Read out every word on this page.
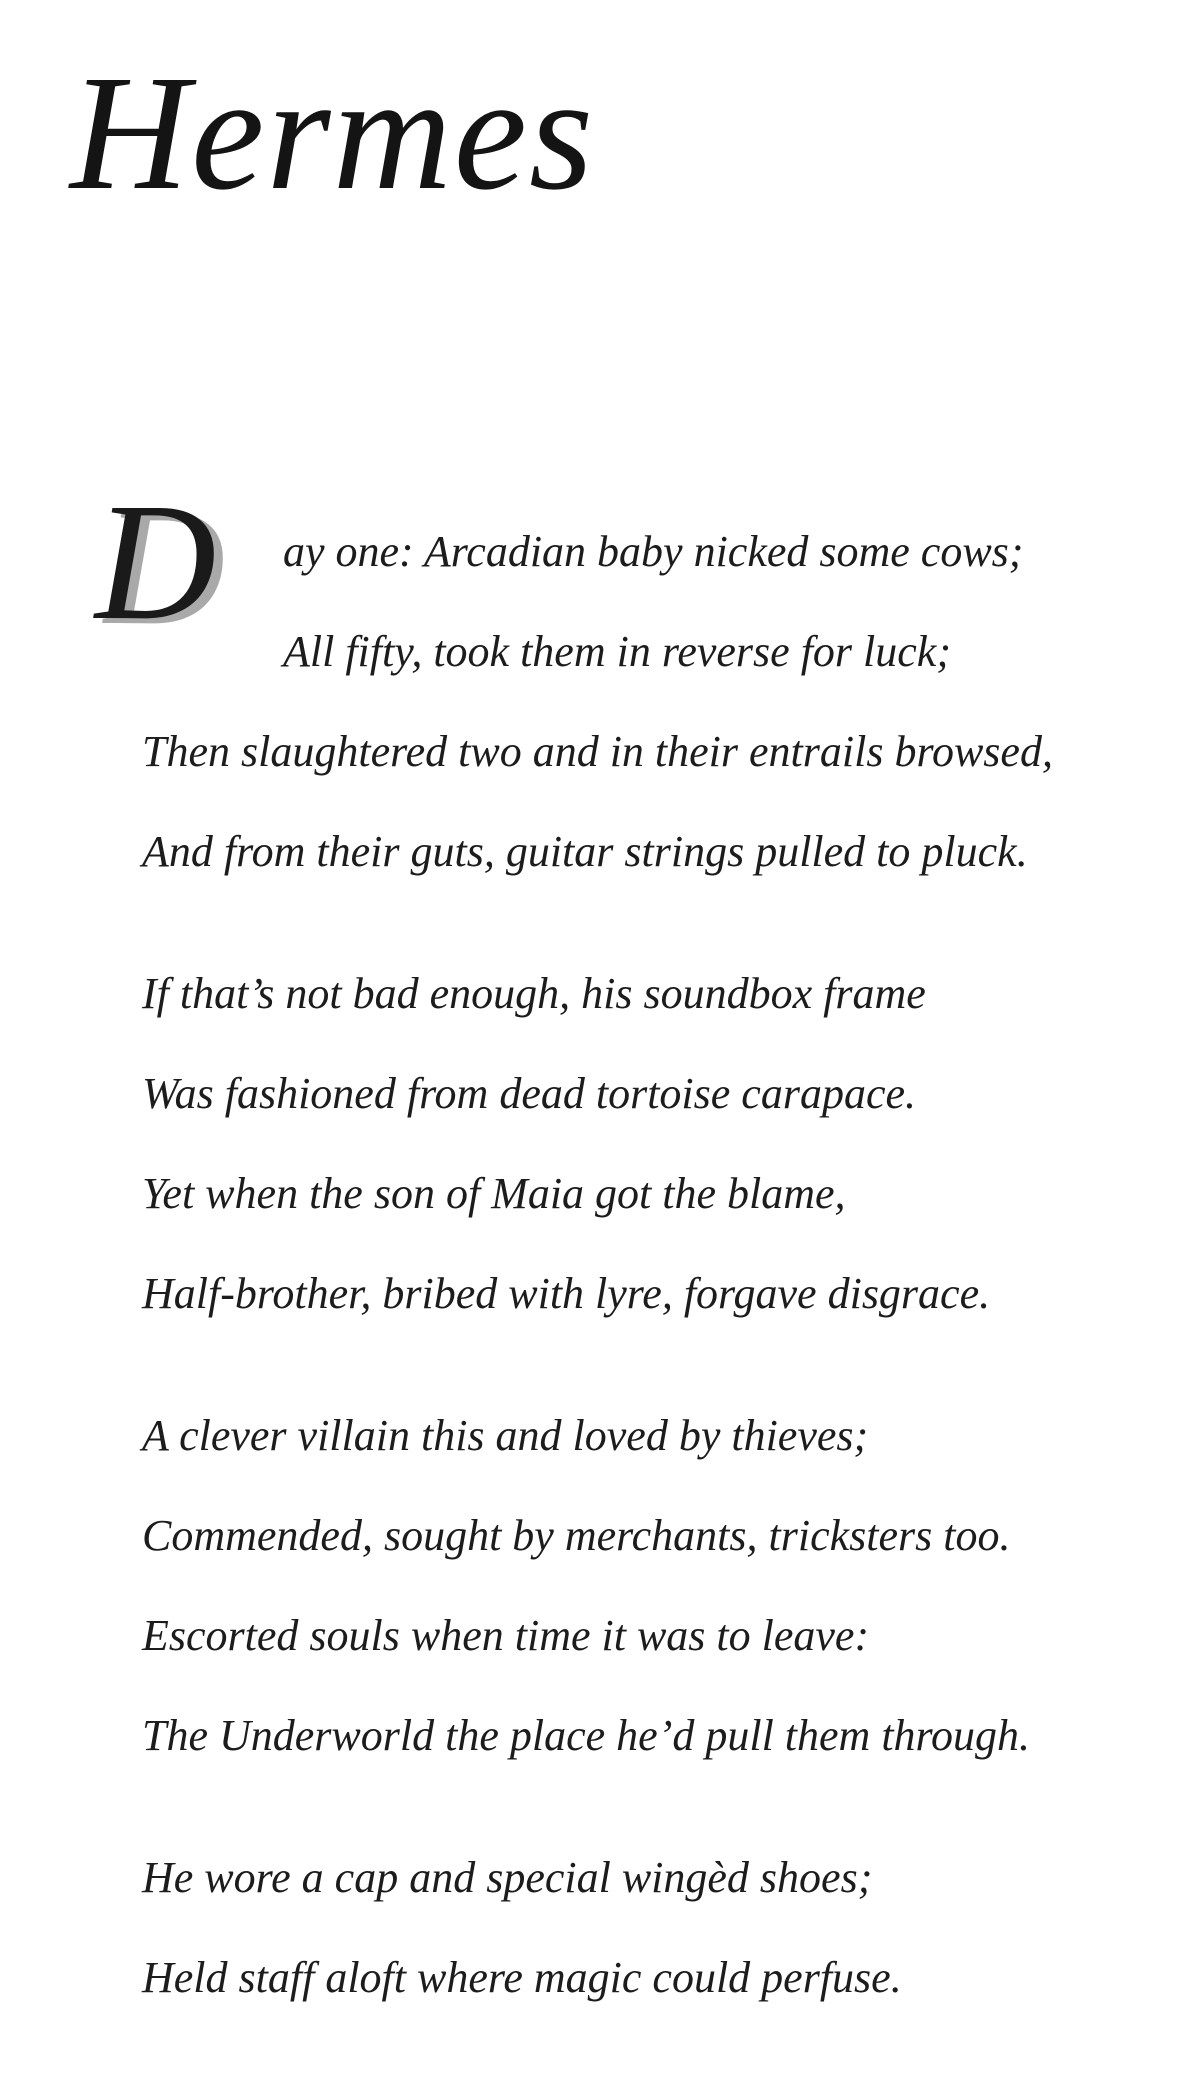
Hermes
D ay one: Arcadian baby nicked some cows;
All fifty, took them in reverse for luck;
Then slaughtered two and in their entrails browsed,
And from their guts, guitar strings pulled to pluck.
If that’s not bad enough, his soundbox frame
Was fashioned from dead tortoise carapace.
Yet when the son of Maia got the blame,
Half-brother, bribed with lyre, forgave disgrace.
A clever villain this and loved by thieves;
Commended, sought by merchants, tricksters too.
Escorted souls when time it was to leave:
The Underworld the place he’d pull them through.
He wore a cap and special wingèd shoes;
Held staff aloft where magic could perfuse.
